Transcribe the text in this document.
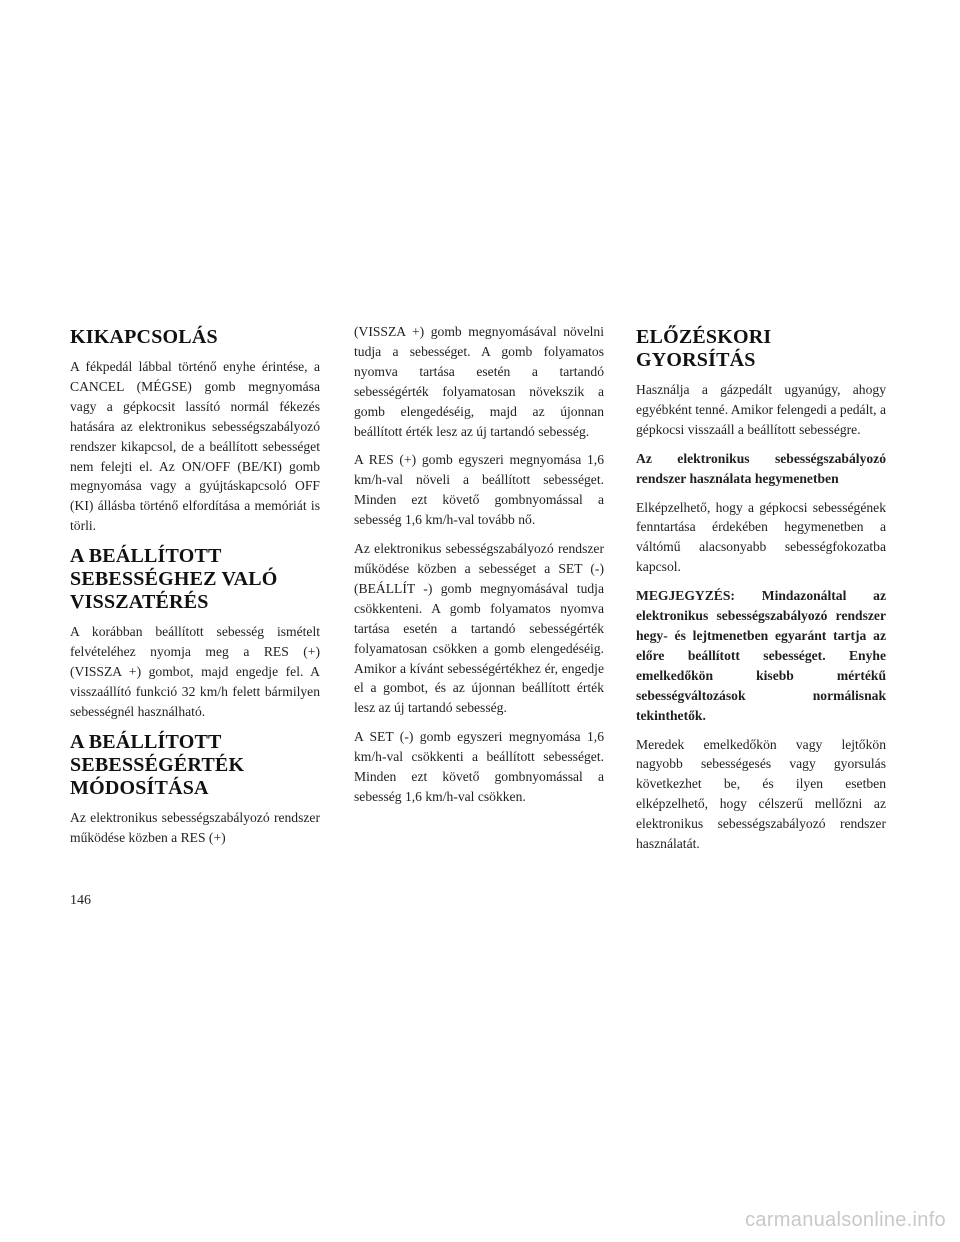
KIKAPCSOLÁS

A fékpedál lábbal történő enyhe érintése, a CANCEL (MÉGSE) gomb megnyomása vagy a gépkocsit lassító normál fékezés hatására az elektronikus sebességszabályozó rendszer kikapcsol, de a beállított sebességet nem felejti el. Az ON/OFF (BE/KI) gomb megnyomása vagy a gyújtáskapcsoló OFF (KI) állásba történő elfordítása a memóriát is törli.

A BEÁLLÍTOTT SEBESSÉGHEZ VALÓ VISSZATÉRÉS

A korábban beállított sebesség ismételt felvételéhez nyomja meg a RES (+) (VISSZA +) gombot, majd engedje fel. A visszaállító funkció 32 km/h felett bármilyen sebességnél használható.

A BEÁLLÍTOTT SEBESSÉGÉRTÉK MÓDOSÍTÁSA

Az elektronikus sebességszabályozó rendszer működése közben a RES (+)

(VISSZA +) gomb megnyomásával növelni tudja a sebességet. A gomb folyamatos nyomva tartása esetén a tartandó sebességérték folyamatosan növekszik a gomb elengedéséig, majd az újonnan beállított érték lesz az új tartandó sebesség.

A RES (+) gomb egyszeri megnyomása 1,6 km/h-val növeli a beállított sebességet. Minden ezt követő gombnyomással a sebesség 1,6 km/h-val tovább nő.

Az elektronikus sebességszabályozó rendszer működése közben a sebességet a SET (-) (BEÁLLÍT -) gomb megnyomásával tudja csökkenteni. A gomb folyamatos nyomva tartása esetén a tartandó sebességérték folyamatosan csökken a gomb elengedéséig. Amikor a kívánt sebességértékhez ér, engedje el a gombot, és az újonnan beállított érték lesz az új tartandó sebesség.

A SET (-) gomb egyszeri megnyomása 1,6 km/h-val csökkenti a beállított sebességet. Minden ezt követő gombnyomással a sebesség 1,6 km/h-val csökken.

ELŐZÉSKORI GYORSÍTÁS

Használja a gázpedált ugyanúgy, ahogy egyébként tenné. Amikor felengedi a pedált, a gépkocsi visszaáll a beállított sebességre.

Az elektronikus sebességszabályozó rendszer használata hegymenetben

Elképzelhető, hogy a gépkocsi sebességének fenntartása érdekében hegymenetben a váltómű alacsonyabb sebességfokozatba kapcsol.

MEGJEGYZÉS: Mindazonáltal az elektronikus sebességszabályozó rendszer hegy- és lejtmenetben egyaránt tartja az előre beállított sebességet. Enyhe emelkedőkön kisebb mértékű sebességváltozások normálisnak tekinthetők.

Meredek emelkedőkön vagy lejtőkön nagyobb sebességesés vagy gyorsulás következhet be, és ilyen esetben elképzelhető, hogy célszerű mellőzni az elektronikus sebességszabályozó rendszer használatát.

146
carmanualsonline.info
